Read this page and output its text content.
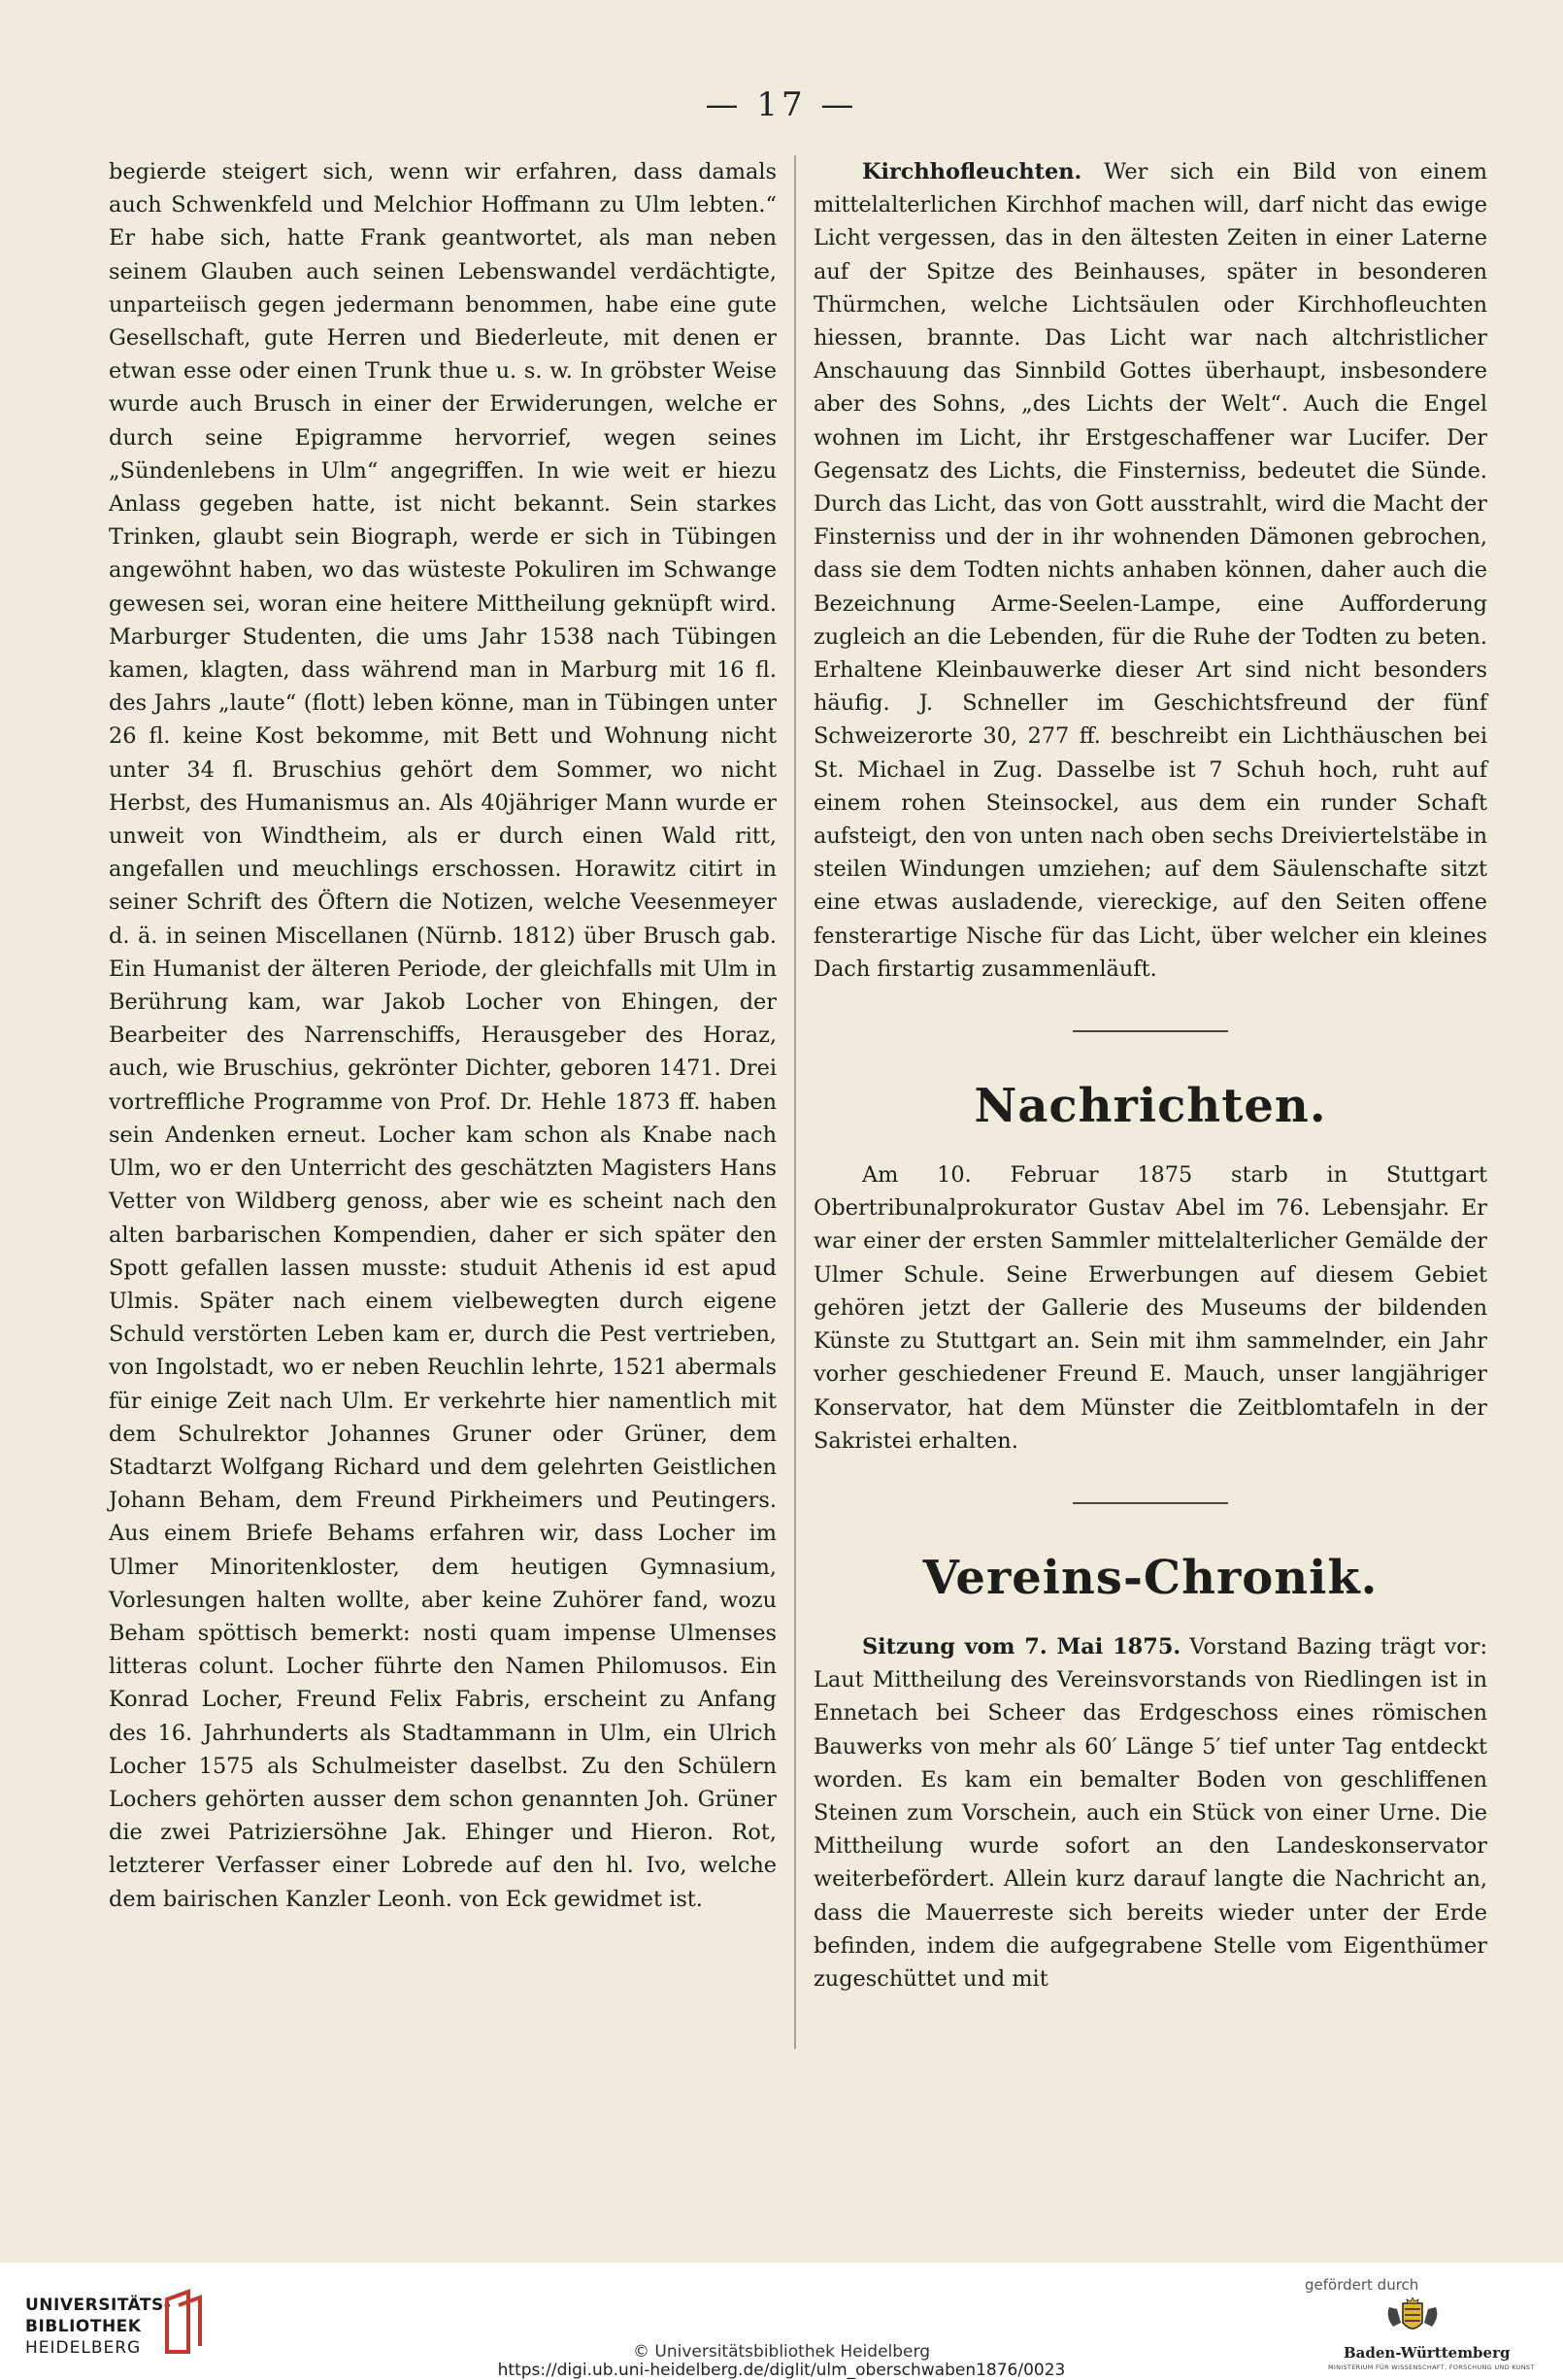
— 17 —

begierde steigert sich, wenn wir erfahren, dass damals auch Schwenkfeld und Melchior Hoffmann zu Ulm lebten.“ Er habe sich, hatte Frank geantwortet, als man neben seinem Glauben auch seinen Lebenswandel verdächtigte, unparteiisch gegen jedermann benommen, habe eine gute Gesellschaft, gute Herren und Biederleute, mit denen er etwan esse oder einen Trunk thue u. s. w. In gröbster Weise wurde auch Brusch in einer der Erwiderungen, welche er durch seine Epigramme hervorrief, wegen seines „Sündenlebens in Ulm“ angegriffen. In wie weit er hiezu Anlass gegeben hatte, ist nicht bekannt. Sein starkes Trinken, glaubt sein Biograph, werde er sich in Tübingen angewöhnt haben, wo das wüsteste Pokuliren im Schwange gewesen sei, woran eine heitere Mittheilung geknüpft wird. Marburger Studenten, die ums Jahr 1538 nach Tübingen kamen, klagten, dass während man in Marburg mit 16 fl. des Jahrs „laute“ (flott) leben könne, man in Tübingen unter 26 fl. keine Kost bekomme, mit Bett und Wohnung nicht unter 34 fl. Bruschius gehört dem Sommer, wo nicht Herbst, des Humanismus an. Als 40jähriger Mann wurde er unweit von Windtheim, als er durch einen Wald ritt, angefallen und meuchlings erschossen. Horawitz citirt in seiner Schrift des Öftern die Notizen, welche Veesenmeyer d. ä. in seinen Miscellanen (Nürnb. 1812) über Brusch gab. Ein Humanist der älteren Periode, der gleichfalls mit Ulm in Berührung kam, war Jakob Locher von Ehingen, der Bearbeiter des Narrenschiffs, Herausgeber des Horaz, auch, wie Bruschius, gekrönter Dichter, geboren 1471. Drei vortreffliche Programme von Prof. Dr. Hehle 1873 ff. haben sein Andenken erneut. Locher kam schon als Knabe nach Ulm, wo er den Unterricht des geschätzten Magisters Hans Vetter von Wildberg genoss, aber wie es scheint nach den alten barbarischen Kompendien, daher er sich später den Spott gefallen lassen musste: studuit Athenis id est apud Ulmis. Später nach einem vielbewegten durch eigene Schuld verstörten Leben kam er, durch die Pest vertrieben, von Ingolstadt, wo er neben Reuchlin lehrte, 1521 abermals für einige Zeit nach Ulm. Er verkehrte hier namentlich mit dem Schulrektor Johannes Gruner oder Grüner, dem Stadtarzt Wolfgang Richard und dem gelehrten Geistlichen Johann Beham, dem Freund Pirkheimers und Peutingers. Aus einem Briefe Behams erfahren wir, dass Locher im Ulmer Minoritenkloster, dem heutigen Gymnasium, Vorlesungen halten wollte, aber keine Zuhörer fand, wozu Beham spöttisch bemerkt: nosti quam impense Ulmenses litteras colunt. Locher führte den Namen Philomusos. Ein Konrad Locher, Freund Felix Fabris, erscheint zu Anfang des 16. Jahrhunderts als Stadtammann in Ulm, ein Ulrich Locher 1575 als Schulmeister daselbst. Zu den Schülern Lochers gehörten ausser dem schon genannten Joh. Grüner die zwei Patriziersöhne Jak. Ehinger und Hieron. Rot, letzterer Verfasser einer Lobrede auf den hl. Ivo, welche dem bairischen Kanzler Leonh. von Eck gewidmet ist.

Kirchhofleuchten. Wer sich ein Bild von einem mittelalterlichen Kirchhof machen will, darf nicht das ewige Licht vergessen, das in den ältesten Zeiten in einer Laterne auf der Spitze des Beinhauses, später in besonderen Thürmchen, welche Lichtsäulen oder Kirchhofleuchten hiessen, brannte. Das Licht war nach altchristlicher Anschauung das Sinnbild Gottes überhaupt, insbesondere aber des Sohns, „des Lichts der Welt“. Auch die Engel wohnen im Licht, ihr Erstgeschaffener war Lucifer. Der Gegensatz des Lichts, die Finsterniss, bedeutet die Sünde. Durch das Licht, das von Gott ausstrahlt, wird die Macht der Finsterniss und der in ihr wohnenden Dämonen gebrochen, dass sie dem Todten nichts anhaben können, daher auch die Bezeichnung Arme-Seelen-Lampe, eine Aufforderung zugleich an die Lebenden, für die Ruhe der Todten zu beten. Erhaltene Kleinbauwerke dieser Art sind nicht besonders häufig. J. Schneller im Geschichtsfreund der fünf Schweizerorte 30, 277 ff. beschreibt ein Lichthäuschen bei St. Michael in Zug. Dasselbe ist 7 Schuh hoch, ruht auf einem rohen Steinsockel, aus dem ein runder Schaft aufsteigt, den von unten nach oben sechs Dreiviertelstäbe in steilen Windungen umziehen; auf dem Säulenschafte sitzt eine etwas ausladende, viereckige, auf den Seiten offene fensterartige Nische für das Licht, über welcher ein kleines Dach firstartig zusammenläuft.

Nachrichten.

Am 10. Februar 1875 starb in Stuttgart Obertribunalprokurator Gustav Abel im 76. Lebensjahr. Er war einer der ersten Sammler mittelalterlicher Gemälde der Ulmer Schule. Seine Erwerbungen auf diesem Gebiet gehören jetzt der Gallerie des Museums der bildenden Künste zu Stuttgart an. Sein mit ihm sammelnder, ein Jahr vorher geschiedener Freund E. Mauch, unser langjähriger Konservator, hat dem Münster die Zeitblomtafeln in der Sakristei erhalten.

Vereins-Chronik.

Sitzung vom 7. Mai 1875. Vorstand Bazing trägt vor: Laut Mittheilung des Vereinsvorstands von Riedlingen ist in Ennetach bei Scheer das Erdgeschoss eines römischen Bauwerks von mehr als 60′ Länge 5′ tief unter Tag entdeckt worden. Es kam ein bemalter Boden von geschliffenen Steinen zum Vorschein, auch ein Stück von einer Urne. Die Mittheilung wurde sofort an den Landeskonservator weiterbefördert. Allein kurz darauf langte die Nachricht an, dass die Mauerreste sich bereits wieder unter der Erde befinden, indem die aufgegrabene Stelle vom Eigenthümer zugeschüttet und mit

UNIVERSITÄTS-
BIBLIOTHEK
HEIDELBERG	© Universitätsbibliothek Heidelberg
https://digi.ub.uni-heidelberg.de/diglit/ulm_oberschwaben1876/0023
gefördert durch
Baden-Württemberg
MINISTERIUM FÜR WISSENSCHAFT, FORSCHUNG UND KUNST
